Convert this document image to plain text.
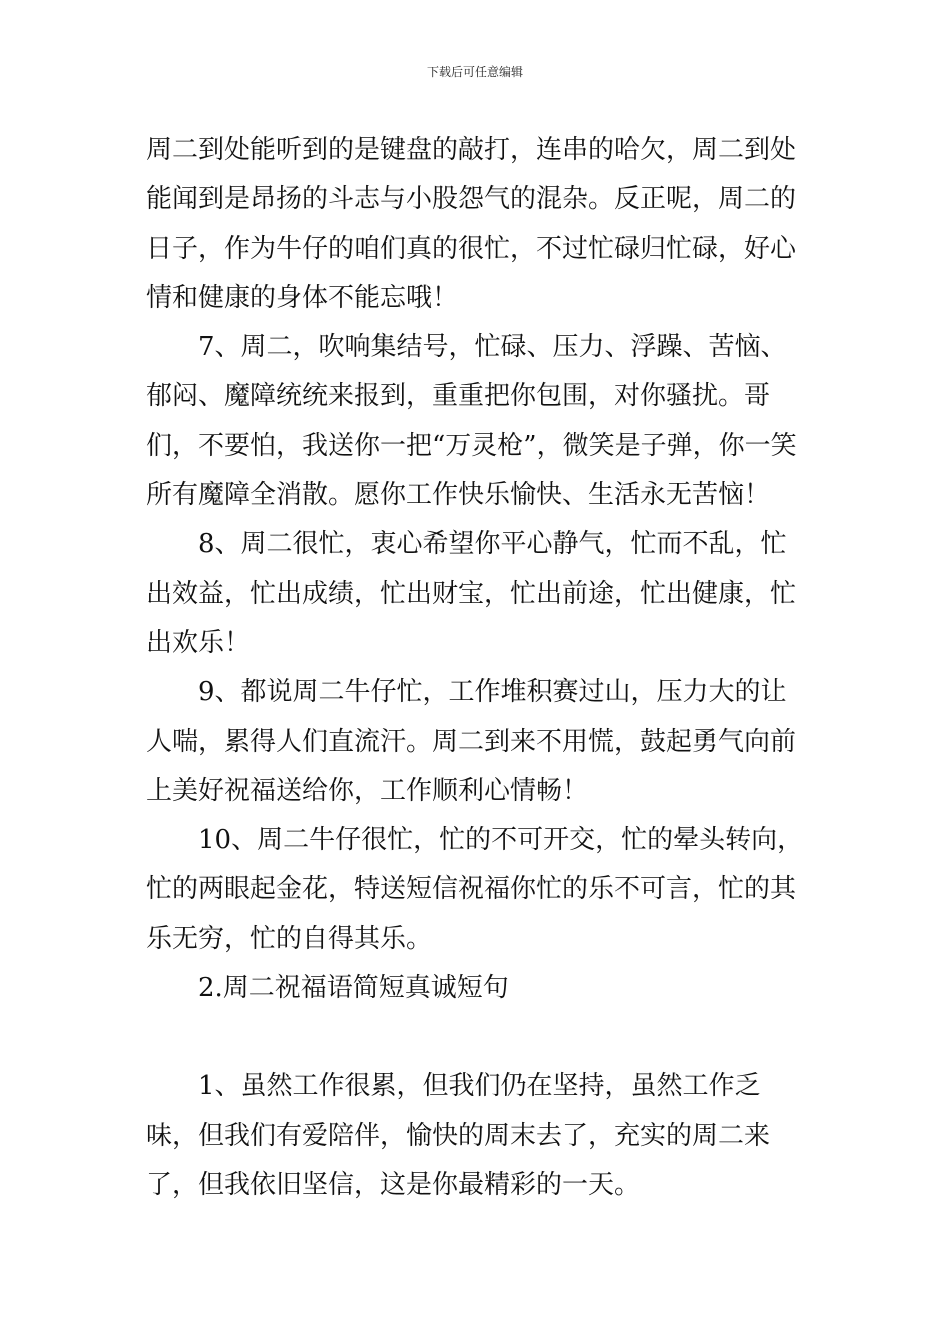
下载后可任意编辑

周二到处能听到的是键盘的敲打，连串的哈欠，周二到处能闻到是昂扬的斗志与小股怨气的混杂。反正呢，周二的日子，作为牛仔的咱们真的很忙，不过忙碌归忙碌，好心情和健康的身体不能忘哦！

7、周二，吹响集结号，忙碌、压力、浮躁、苦恼、郁闷、魔障统统来报到，重重把你包围，对你骚扰。哥们，不要怕，我送你一把“万灵枪”，微笑是子弹，你一笑所有魔障全消散。愿你工作快乐愉快、生活永无苦恼！

8、周二很忙，衷心希望你平心静气，忙而不乱，忙出效益，忙出成绩，忙出财宝，忙出前途，忙出健康，忙出欢乐！

9、都说周二牛仔忙，工作堆积赛过山，压力大的让人喘，累得人们直流汗。周二到来不用慌，鼓起勇气向前上美好祝福送给你，工作顺利心情畅！

10、周二牛仔很忙，忙的不可开交，忙的晕头转向，忙的两眼起金花，特送短信祝福你忙的乐不可言，忙的其乐无穷，忙的自得其乐。

2.周二祝福语简短真诚短句

1、虽然工作很累，但我们仍在坚持，虽然工作乏味，但我们有爱陪伴，愉快的周末去了，充实的周二来了，但我依旧坚信，这是你最精彩的一天。
